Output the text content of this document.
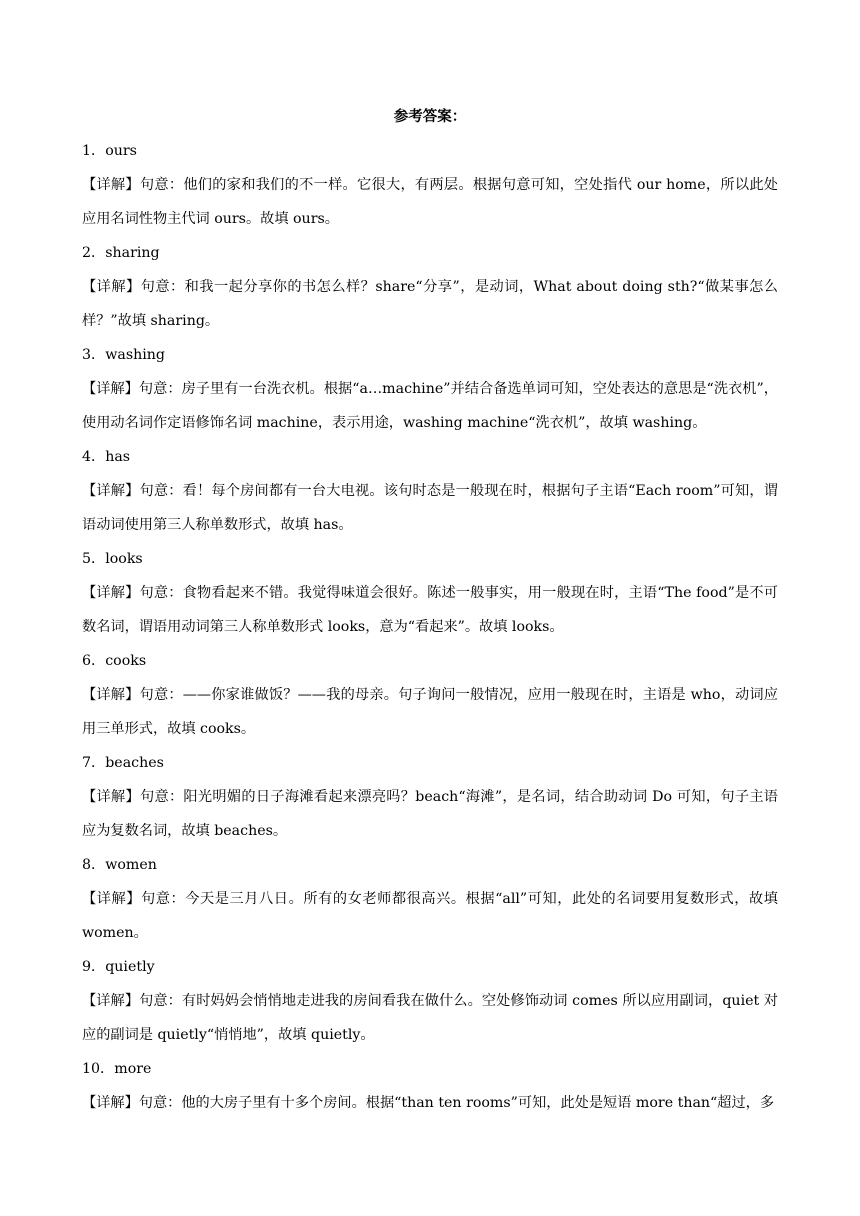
参考答案：

1．ours

【详解】句意：他们的家和我们的不一样。它很大，有两层。根据句意可知，空处指代 our home，所以此处应用名词性物主代词 ours。故填 ours。

2．sharing

【详解】句意：和我一起分享你的书怎么样？share“分享”，是动词，What about doing sth?“做某事怎么样？”故填 sharing。

3．washing

【详解】句意：房子里有一台洗衣机。根据“a…machine”并结合备选单词可知，空处表达的意思是“洗衣机”，使用动名词作定语修饰名词 machine，表示用途，washing machine“洗衣机”，故填 washing。

4．has

【详解】句意：看！每个房间都有一台大电视。该句时态是一般现在时，根据句子主语“Each room”可知，谓语动词使用第三人称单数形式，故填 has。

5．looks

【详解】句意：食物看起来不错。我觉得味道会很好。陈述一般事实，用一般现在时，主语“The food”是不可数名词，谓语用动词第三人称单数形式 looks，意为“看起来”。故填 looks。

6．cooks

【详解】句意：——你家谁做饭？——我的母亲。句子询问一般情况，应用一般现在时，主语是 who，动词应用三单形式，故填 cooks。

7．beaches

【详解】句意：阳光明媚的日子海滩看起来漂亮吗？beach“海滩”，是名词，结合助动词 Do 可知，句子主语应为复数名词，故填 beaches。

8．women

【详解】句意：今天是三月八日。所有的女老师都很高兴。根据“all”可知，此处的名词要用复数形式，故填 women。

9．quietly

【详解】句意：有时妈妈会悄悄地走进我的房间看我在做什么。空处修饰动词 comes 所以应用副词，quiet 对应的副词是 quietly“悄悄地”，故填 quietly。

10．more

【详解】句意：他的大房子里有十多个房间。根据“than ten rooms”可知，此处是短语 more than“超过，多
